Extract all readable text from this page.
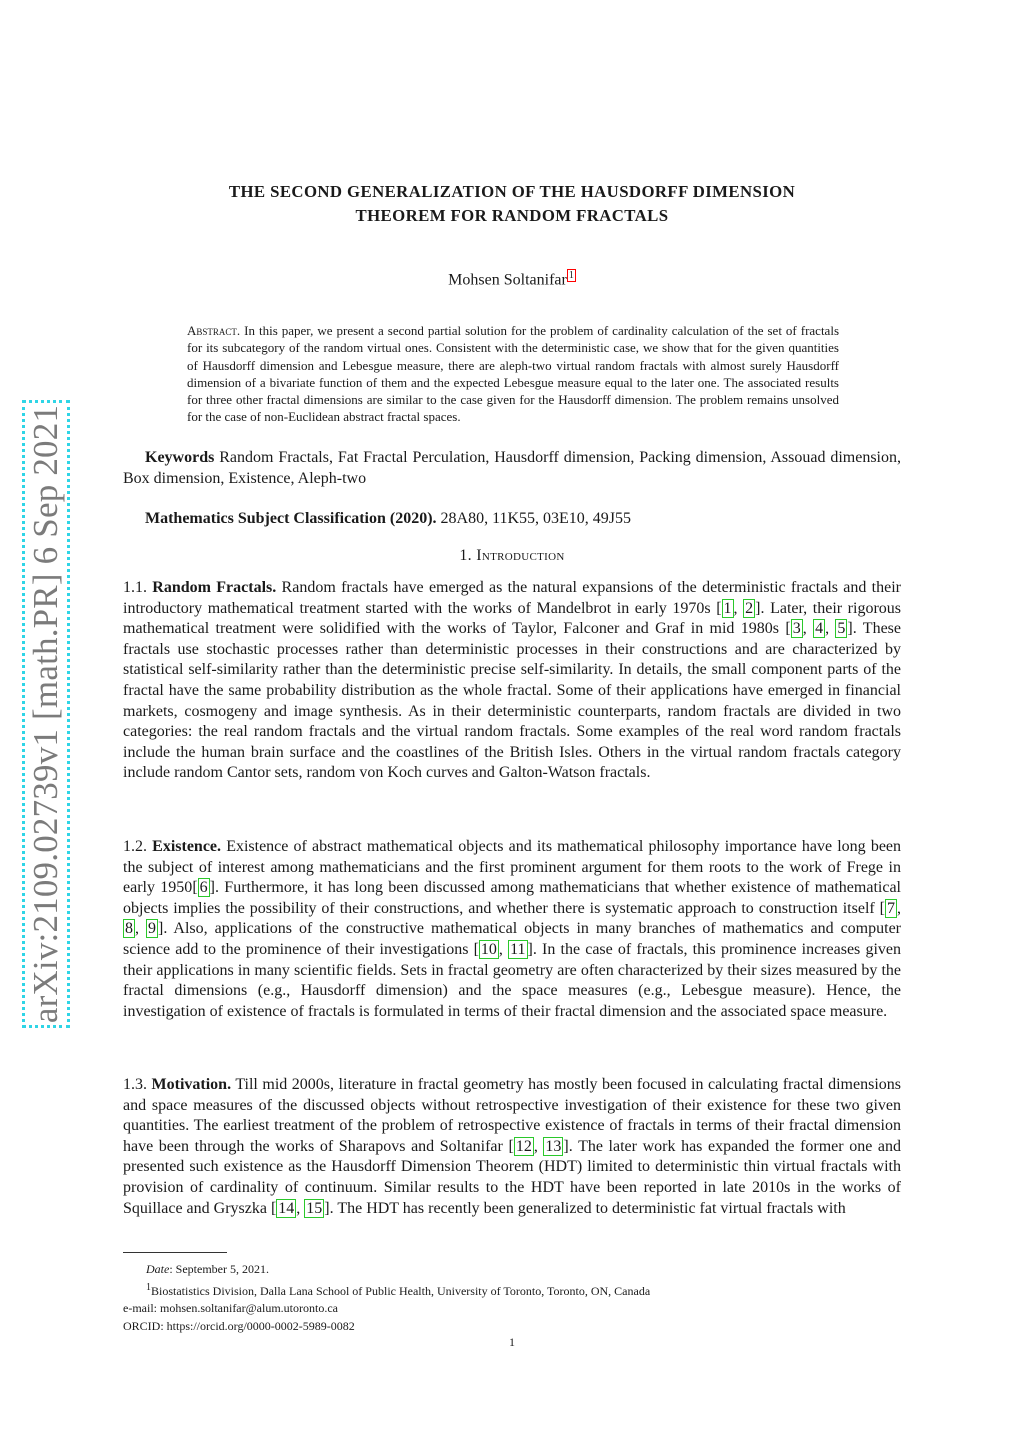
arXiv:2109.02739v1 [math.PR] 6 Sep 2021
THE SECOND GENERALIZATION OF THE HAUSDORFF DIMENSION
THEOREM FOR RANDOM FRACTALS
Mohsen Soltanifar $^1$
Abstract. In this paper, we present a second partial solution for the problem of cardinality calculation of the set of fractals for its subcategory of the random virtual ones. Consistent with the deterministic case, we show that for the given quantities of Hausdorff dimension and Lebesgue measure, there are aleph-two virtual random fractals with almost surely Hausdorff dimension of a bivariate function of them and the expected Lebesgue measure equal to the later one. The associated results for three other fractal dimensions are similar to the case given for the Hausdorff dimension. The problem remains unsolved for the case of non-Euclidean abstract fractal spaces.
Keywords Random Fractals, Fat Fractal Perculation, Hausdorff dimension, Packing dimension, Assouad dimension, Box dimension, Existence, Aleph-two
Mathematics Subject Classification (2020). 28A80, 11K55, 03E10, 49J55
1. Introduction
1.1. Random Fractals. Random fractals have emerged as the natural expansions of the deterministic fractals and their introductory mathematical treatment started with the works of Mandelbrot in early 1970s [ 1 , 2 ]. Later, their rigorous mathematical treatment were solidified with the works of Taylor, Falconer and Graf in mid 1980s [ 3 , 4 , 5 ]. These fractals use stochastic processes rather than deterministic processes in their constructions and are characterized by statistical self-similarity rather than the deterministic precise self-similarity. In details, the small component parts of the fractal have the same probability distribution as the whole fractal. Some of their applications have emerged in financial markets, cosmogeny and image synthesis. As in their deterministic counterparts, random fractals are divided in two categories: the real random fractals and the virtual random fractals. Some examples of the real word random fractals include the human brain surface and the coastlines of the British Isles. Others in the virtual random fractals category include random Cantor sets, random von Koch curves and Galton-Watson fractals.
1.2. Existence. Existence of abstract mathematical objects and its mathematical philosophy importance have long been the subject of interest among mathematicians and the first prominent argument for them roots to the work of Frege in early 1950[ 6 ]. Furthermore, it has long been discussed among mathematicians that whether existence of mathematical objects implies the possibility of their constructions, and whether there is systematic approach to construction itself [ 7 , 8 , 9 ]. Also, applications of the constructive mathematical objects in many branches of mathematics and computer science add to the prominence of their investigations [ 10 , 11 ]. In the case of fractals, this prominence increases given their applications in many scientific fields. Sets in fractal geometry are often characterized by their sizes measured by the fractal dimensions (e.g., Hausdorff dimension) and the space measures (e.g., Lebesgue measure). Hence, the investigation of existence of fractals is formulated in terms of their fractal dimension and the associated space measure.
1.3. Motivation. Till mid 2000s, literature in fractal geometry has mostly been focused in calculating fractal dimensions and space measures of the discussed objects without retrospective investigation of their existence for these two given quantities. The earliest treatment of the problem of retrospective existence of fractals in terms of their fractal dimension have been through the works of Sharapovs and Soltanifar [ 12 , 13 ]. The later work has expanded the former one and presented such existence as the Hausdorff Dimension Theorem (HDT) limited to deterministic thin virtual fractals with provision of cardinality of continuum. Similar results to the HDT have been reported in late 2010s in the works of Squillace and Gryszka [ 14 , 15 ]. The HDT has recently been generalized to deterministic fat virtual fractals with
Date: September 5, 2021.
$^1$Biostatistics Division, Dalla Lana School of Public Health, University of Toronto, Toronto, ON, Canada
e-mail: mohsen.soltanifar@alum.utoronto.ca
ORCID: https://orcid.org/0000-0002-5989-0082
1
